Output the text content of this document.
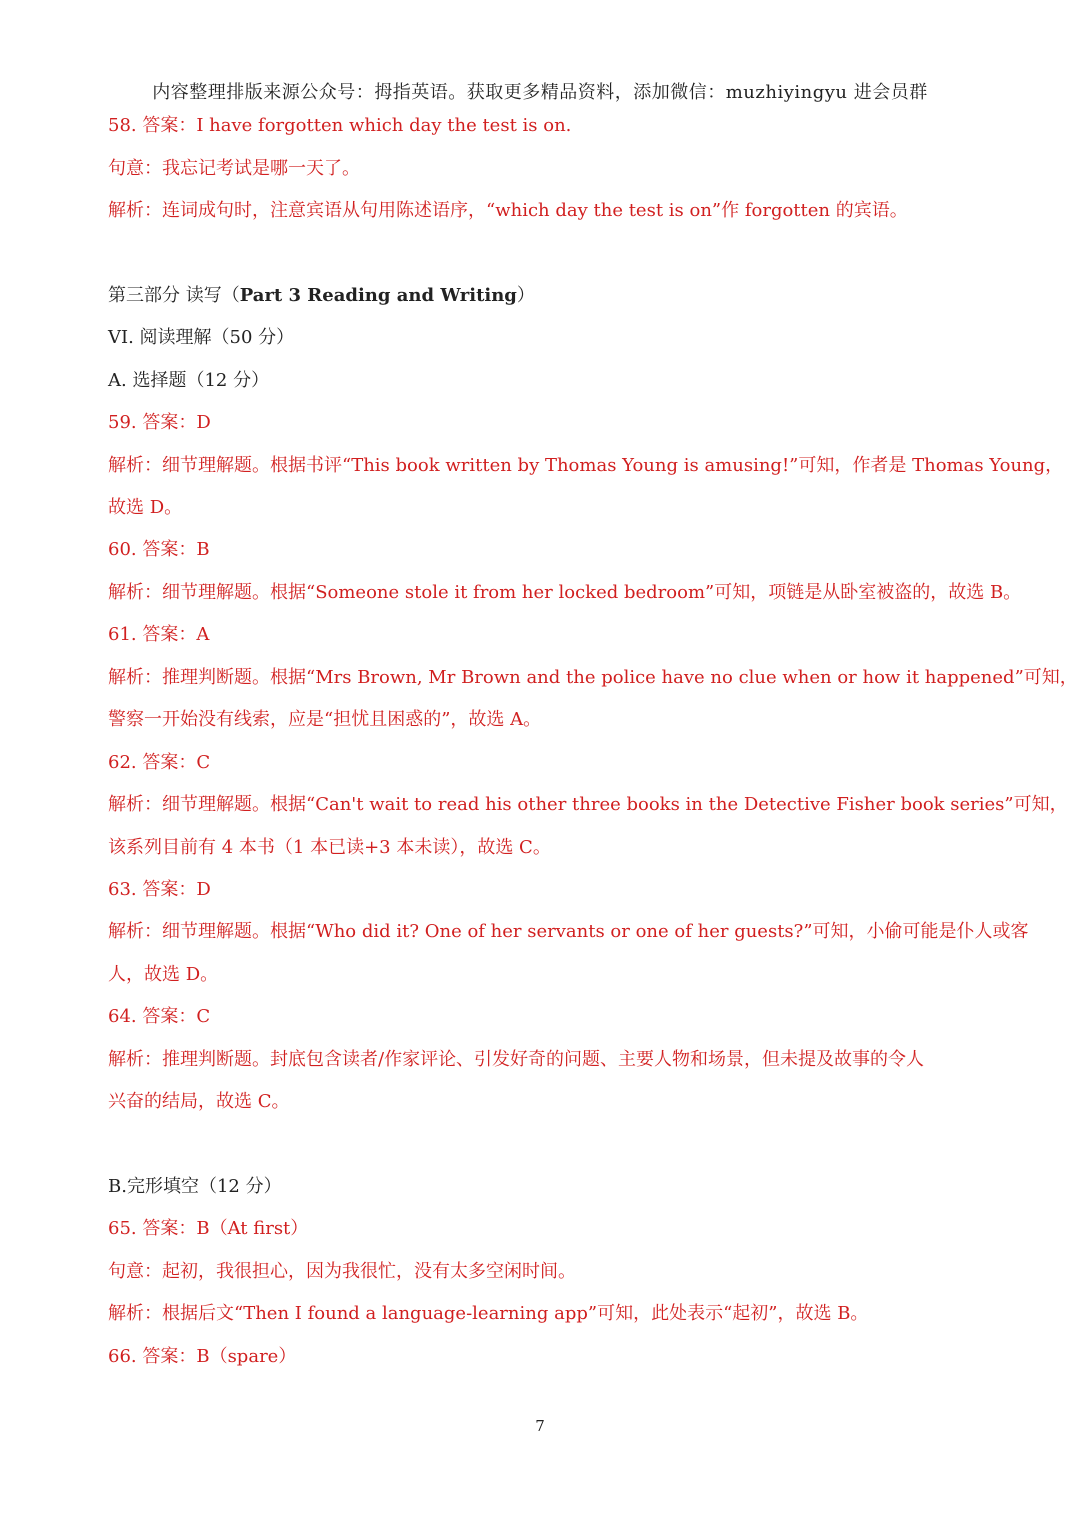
内容整理排版来源公众号：拇指英语。获取更多精品资料，添加微信：muzhiyingyu 进会员群
58. 答案：I have forgotten which day the test is on.
句意：我忘记考试是哪一天了。
解析：连词成句时，注意宾语从句用陈述语序，“which day the test is on”作 forgotten 的宾语。
第三部分 读写（Part 3 Reading and Writing）
VI. 阅读理解（50 分）
A. 选择题（12 分）
59. 答案：D
解析：细节理解题。根据书评“This book written by Thomas Young is amusing!”可知，作者是 Thomas Young，
故选 D。
60. 答案：B
解析：细节理解题。根据“Someone stole it from her locked bedroom”可知，项链是从卧室被盗的，故选 B。
61. 答案：A
解析：推理判断题。根据“Mrs Brown, Mr Brown and the police have no clue when or how it happened”可知，
警察一开始没有线索，应是“担忧且困惑的”，故选 A。
62. 答案：C
解析：细节理解题。根据“Can't wait to read his other three books in the Detective Fisher book series”可知，
该系列目前有 4 本书（1 本已读+3 本未读），故选 C。
63. 答案：D
解析：细节理解题。根据“Who did it? One of her servants or one of her guests?”可知，小偷可能是仆人或客
人，故选 D。
64. 答案：C
解析：推理判断题。封底包含读者/作家评论、引发好奇的问题、主要人物和场景，但未提及故事的令人
兴奋的结局，故选 C。
B.完形填空（12 分）
65. 答案：B（At first）
句意：起初，我很担心，因为我很忙，没有太多空闲时间。
解析：根据后文“Then I found a language-learning app”可知，此处表示“起初”，故选 B。
66. 答案：B（spare）
7
